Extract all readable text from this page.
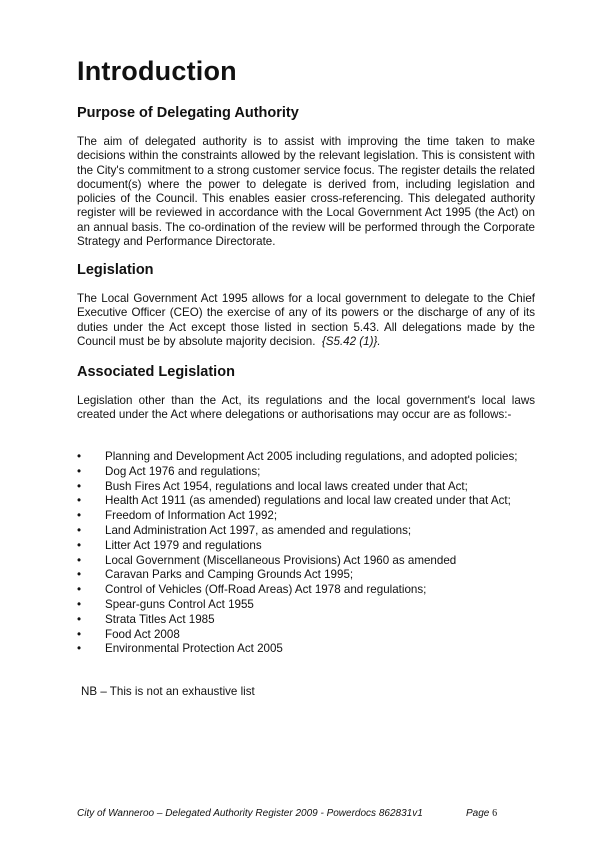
Introduction
Purpose of Delegating Authority

The aim of delegated authority is to assist with improving the time taken to make decisions within the constraints allowed by the relevant legislation. This is consistent with the City's commitment to a strong customer service focus. The register details the related document(s) where the power to delegate is derived from, including legislation and policies of the Council. This enables easier cross-referencing. This delegated authority register will be reviewed in accordance with the Local Government Act 1995 (the Act) on an annual basis. The co-ordination of the review will be performed through the Corporate Strategy and Performance Directorate.

Legislation

The Local Government Act 1995 allows for a local government to delegate to the Chief Executive Officer (CEO) the exercise of any of its powers or the discharge of any of its duties under the Act except those listed in section 5.43. All delegations made by the Council must be by absolute majority decision. {S5.42 (1)}.

Associated Legislation

Legislation other than the Act, its regulations and the local government's local laws created under the Act where delegations or authorisations may occur are as follows:-

• Planning and Development Act 2005 including regulations, and adopted policies;
• Dog Act 1976 and regulations;
• Bush Fires Act 1954, regulations and local laws created under that Act;
• Health Act 1911 (as amended) regulations and local law created under that Act;
• Freedom of Information Act 1992;
• Land Administration Act 1997, as amended and regulations;
• Litter Act 1979 and regulations
• Local Government (Miscellaneous Provisions) Act 1960 as amended
• Caravan Parks and Camping Grounds Act 1995;
• Control of Vehicles (Off-Road Areas) Act 1978 and regulations;
• Spear-guns Control Act 1955
• Strata Titles Act 1985
• Food Act 2008
• Environmental Protection Act 2005

NB – This is not an exhaustive list

City of Wanneroo – Delegated Authority Register 2009 - Powerdocs 862831v1	Page 6
